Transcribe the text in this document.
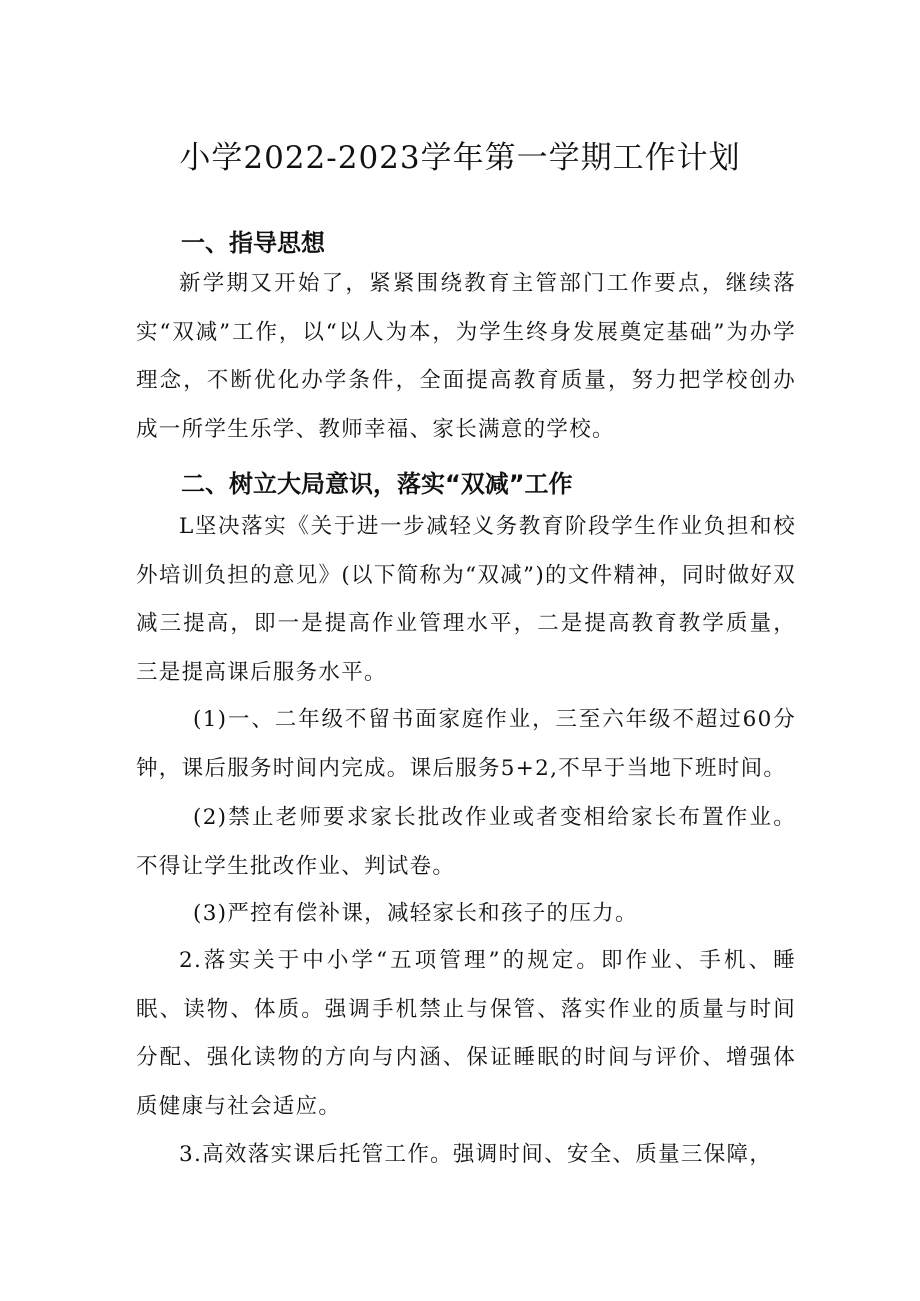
小学2022-2023学年第一学期工作计划
一、指导思想
新学期又开始了，紧紧围绕教育主管部门工作要点，继续落实“双减”工作，以“以人为本，为学生终身发展奠定基础”为办学理念，不断优化办学条件，全面提高教育质量，努力把学校创办成一所学生乐学、教师幸福、家长满意的学校。
二、树立大局意识，落实“双减”工作
L坚决落实《关于进一步减轻义务教育阶段学生作业负担和校外培训负担的意见》(以下简称为“双减”)的文件精神，同时做好双减三提高，即一是提高作业管理水平，二是提高教育教学质量，三是提高课后服务水平。
(1)一、二年级不留书面家庭作业，三至六年级不超过60分钟，课后服务时间内完成。课后服务5+2,不早于当地下班时间。
(2)禁止老师要求家长批改作业或者变相给家长布置作业。不得让学生批改作业、判试卷。
(3)严控有偿补课，减轻家长和孩子的压力。
2.落实关于中小学“五项管理”的规定。即作业、手机、睡眠、读物、体质。强调手机禁止与保管、落实作业的质量与时间分配、强化读物的方向与内涵、保证睡眠的时间与评价、增强体质健康与社会适应。
3.高效落实课后托管工作。强调时间、安全、质量三保障，
